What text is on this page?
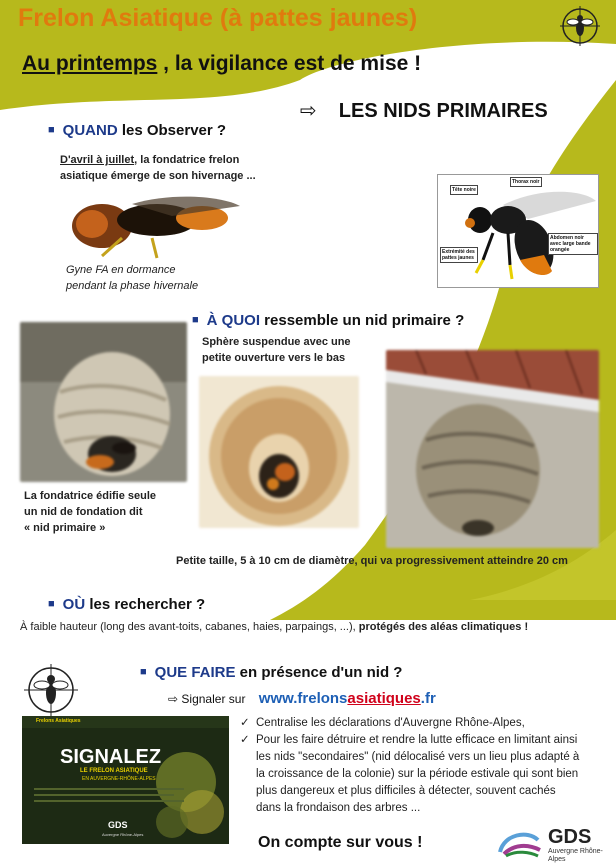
Frelon Asiatique (à pattes jaunes)
Au printemps , la vigilance est de mise !
⇨ LES NIDS PRIMAIRES
■ QUAND les Observer ?
D'avril à juillet, la fondatrice frelon asiatique émerge de son hivernage ...
Gyne FA en dormance
pendant la phase hivernale
Tête noire
Thorax noir
Abdomen noir avec large bande orangée
Extrémité des pattes jaunes
■ À QUOI ressemble un nid primaire ?
Sphère suspendue avec une
petite ouverture vers le bas
La fondatrice édifie seule
un nid de fondation dit
« nid primaire »
Petite taille, 5 à 10 cm de diamètre, qui va progressivement atteindre 20 cm
■ OÙ les rechercher ?
À faible hauteur (long des avant-toits, cabanes, haies, parpaings, ...), protégés des aléas climatiques !
■ QUE FAIRE en présence d'un nid ?
⇨ Signaler sur www.frelonsasiatiques.fr
Frelons Asiatiques
SIGNALEZ
LE FRELON ASIATIQUE
EN AUVERGNE-RHÔNE-ALPES
GDS
Auvergne Rhône-Alpes
✓ Centralise les déclarations d'Auvergne Rhône-Alpes,
✓ Pour les faire détruire et rendre la lutte efficace en limitant ainsi les nids "secondaires" (nid délocalisé vers un lieu plus adapté à la croissance de la colonie) sur la période estivale qui sont bien plus dangereux et plus difficiles à détecter, souvent cachés dans la frondaison des arbres ...
On compte sur vous !	GDS
Auvergne Rhône-Alpes
